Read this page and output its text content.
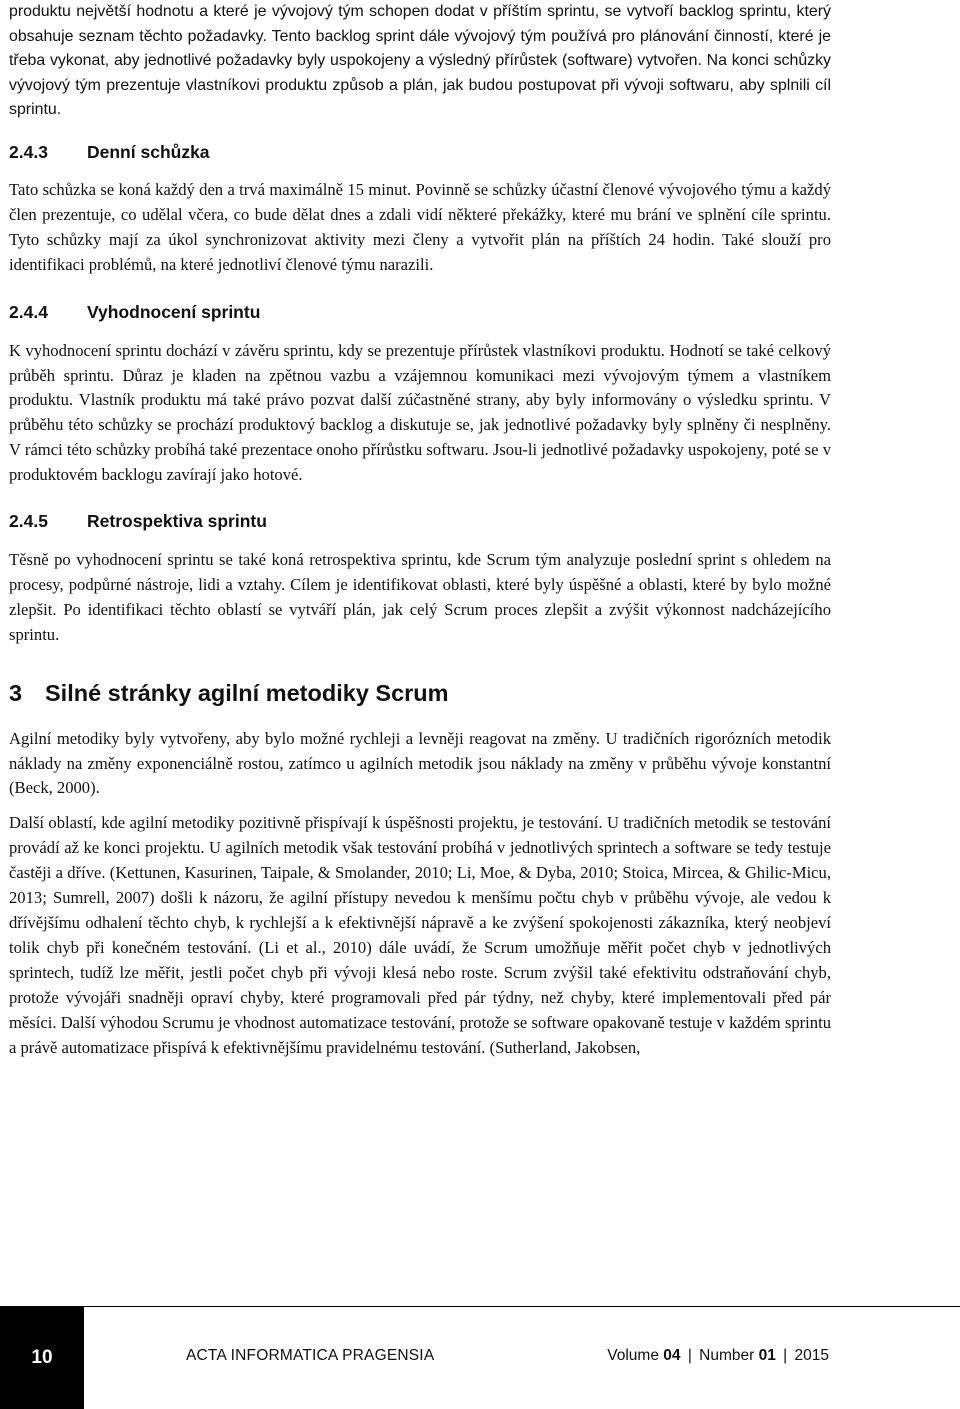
produktu největší hodnotu a které je vývojový tým schopen dodat v příštím sprintu, se vytvoří backlog sprintu, který obsahuje seznam těchto požadavky. Tento backlog sprint dále vývojový tým používá pro plánování činností, které je třeba vykonat, aby jednotlivé požadavky byly uspokojeny a výsledný přírůstek (software) vytvořen. Na konci schůzky vývojový tým prezentuje vlastníkovi produktu způsob a plán, jak budou postupovat při vývoji softwaru, aby splnili cíl sprintu.

2.4.3	Denní schůzka

Tato schůzka se koná každý den a trvá maximálně 15 minut. Povinně se schůzky účastní členové vývojového týmu a každý člen prezentuje, co udělal včera, co bude dělat dnes a zdali vidí některé překážky, které mu brání ve splnění cíle sprintu. Tyto schůzky mají za úkol synchronizovat aktivity mezi členy a vytvořit plán na příštích 24 hodin. Také slouží pro identifikaci problémů, na které jednotliví členové týmu narazili.

2.4.4	Vyhodnocení sprintu

K vyhodnocení sprintu dochází v závěru sprintu, kdy se prezentuje přírůstek vlastníkovi produktu. Hodnotí se také celkový průběh sprintu. Důraz je kladen na zpětnou vazbu a vzájemnou komunikaci mezi vývojovým týmem a vlastníkem produktu. Vlastník produktu má také právo pozvat další zúčastněné strany, aby byly informovány o výsledku sprintu. V průběhu této schůzky se prochází produktový backlog a diskutuje se, jak jednotlivé požadavky byly splněny či nesplněny. V rámci této schůzky probíhá také prezentace onoho přírůstku softwaru. Jsou-li jednotlivé požadavky uspokojeny, poté se v produktovém backlogu zavírají jako hotové.

2.4.5	Retrospektiva sprintu

Těsně po vyhodnocení sprintu se také koná retrospektiva sprintu, kde Scrum tým analyzuje poslední sprint s ohledem na procesy, podpůrné nástroje, lidi a vztahy. Cílem je identifikovat oblasti, které byly úspěšné a oblasti, které by bylo možné zlepšit. Po identifikaci těchto oblastí se vytváří plán, jak celý Scrum proces zlepšit a zvýšit výkonnost nadcházejícího sprintu.

3 Silné stránky agilní metodiky Scrum

Agilní metodiky byly vytvořeny, aby bylo možné rychleji a levněji reagovat na změny. U tradičních rigorózních metodik náklady na změny exponenciálně rostou, zatímco u agilních metodik jsou náklady na změny v průběhu vývoje konstantní (Beck, 2000).

Další oblastí, kde agilní metodiky pozitivně přispívají k úspěšnosti projektu, je testování. U tradičních metodik se testování provádí až ke konci projektu. U agilních metodik však testování probíhá v jednotlivých sprintech a software se tedy testuje častěji a dříve. (Kettunen, Kasurinen, Taipale, & Smolander, 2010; Li, Moe, & Dyba, 2010; Stoica, Mircea, & Ghilic-Micu, 2013; Sumrell, 2007) došli k názoru, že agilní přístupy nevedou k menšímu počtu chyb v průběhu vývoje, ale vedou k dřívějšímu odhalení těchto chyb, k rychlejší a k efektivnější nápravě a ke zvýšení spokojenosti zákazníka, který neobjeví tolik chyb při konečném testování. (Li et al., 2010) dále uvádí, že Scrum umožňuje měřit počet chyb v jednotlivých sprintech, tudíž lze měřit, jestli počet chyb při vývoji klesá nebo roste. Scrum zvýšil také efektivitu odstraňování chyb, protože vývojáři snadněji opraví chyby, které programovali před pár týdny, než chyby, které implementovali před pár měsíci. Další výhodou Scrumu je vhodnost automatizace testování, protože se software opakovaně testuje v každém sprintu a právě automatizace přispívá k efektivnějšímu pravidelnému testování. (Sutherland, Jakobsen,

10	ACTA INFORMATICA PRAGENSIA	Volume 04 | Number 01 | 2015
